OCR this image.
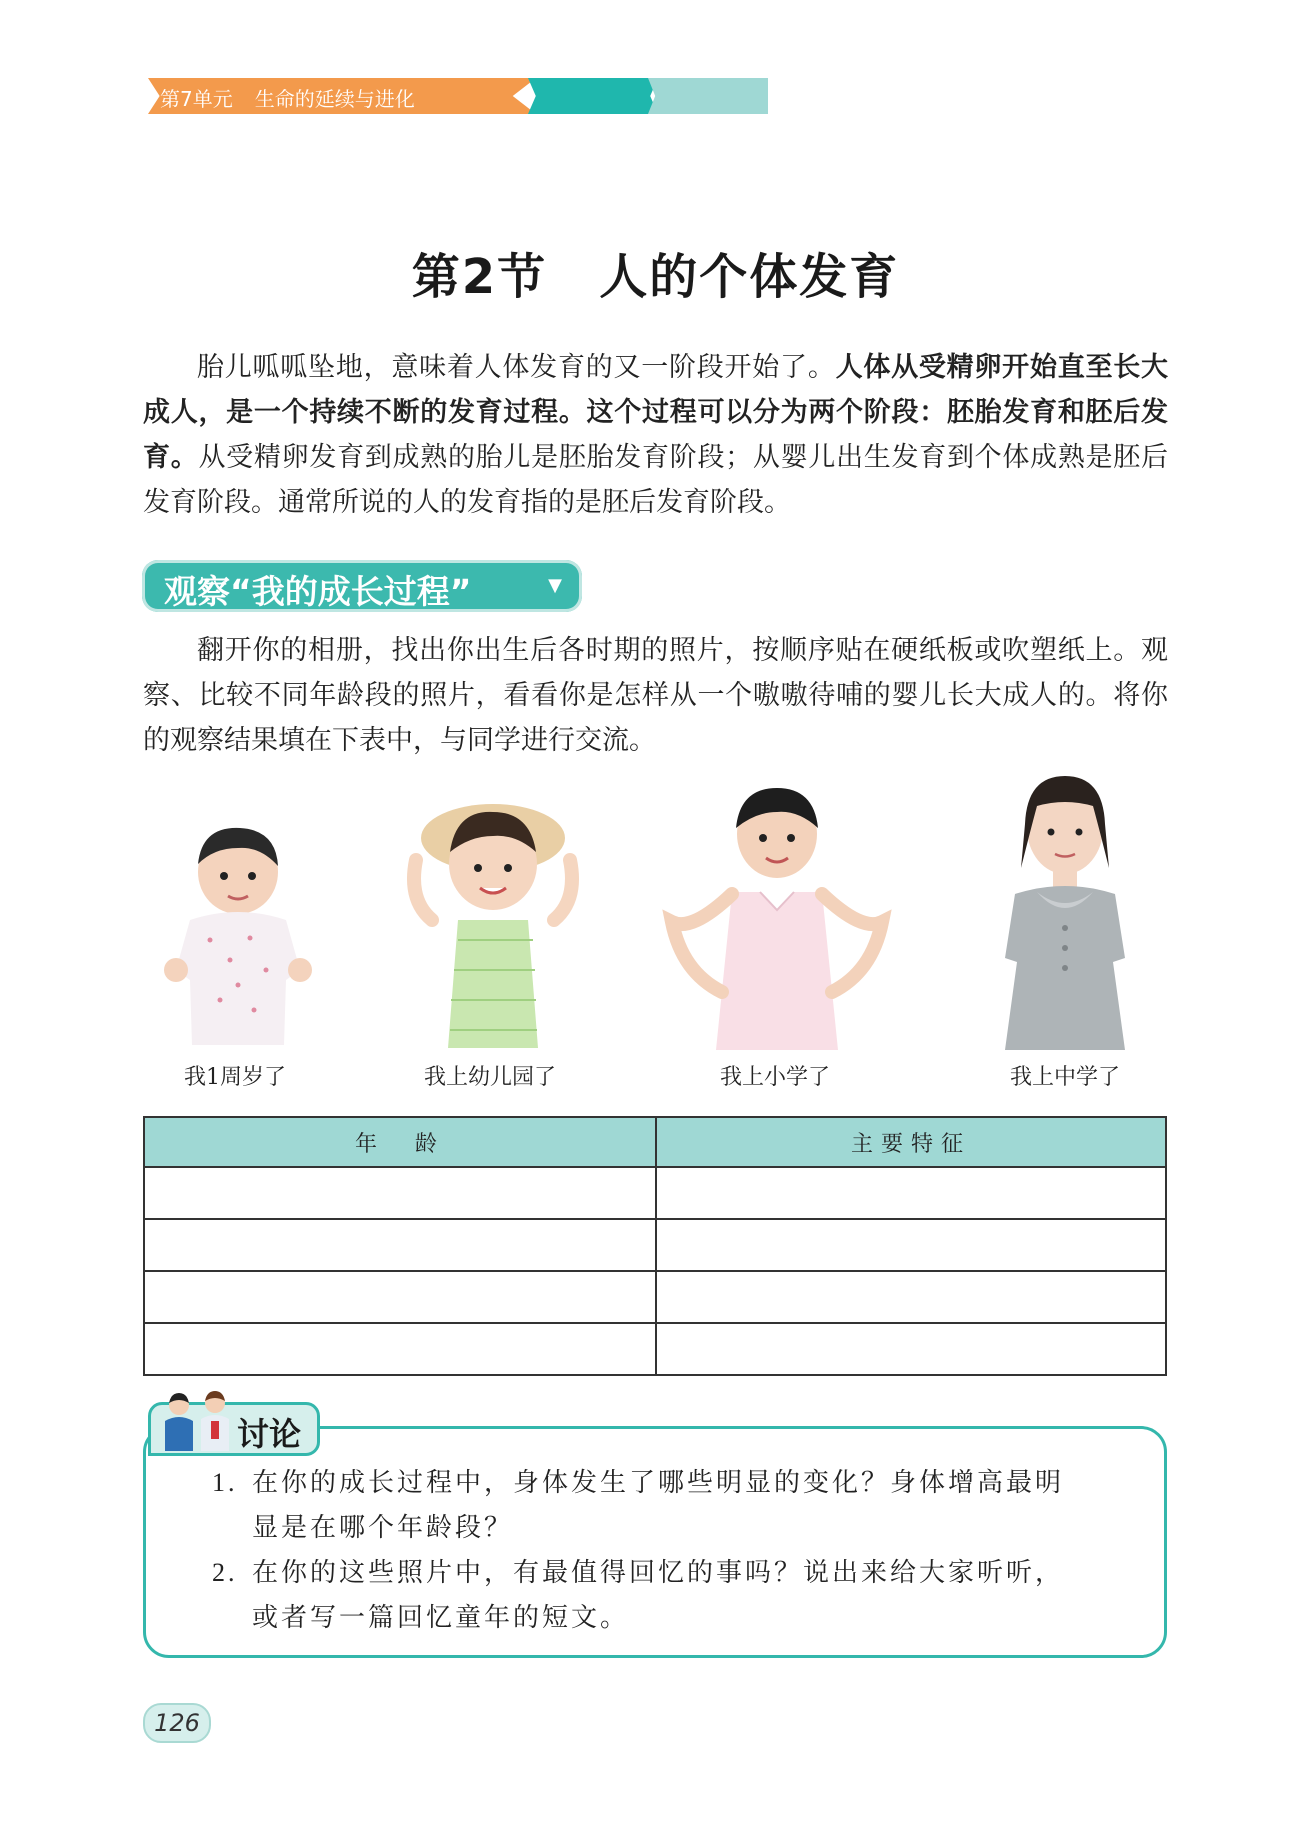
第7单元 生命的延续与进化
第2节 人的个体发育
胎儿呱呱坠地，意味着人体发育的又一阶段开始了。人体从受精卵开始直至长大成人，是一个持续不断的发育过程。这个过程可以分为两个阶段：胚胎发育和胚后发育。从受精卵发育到成熟的胎儿是胚胎发育阶段；从婴儿出生发育到个体成熟是胚后发育阶段。通常所说的人的发育指的是胚后发育阶段。
观察“我的成长过程”	▼
翻开你的相册，找出你出生后各时期的照片，按顺序贴在硬纸板或吹塑纸上。观察、比较不同年龄段的照片，看看你是怎样从一个嗷嗷待哺的婴儿长大成人的。将你的观察结果填在下表中，与同学进行交流。
我1周岁了	我上幼儿园了	我上小学了	我上中学了
年　龄	主要特征

讨论
1. 在你的成长过程中，身体发生了哪些明显的变化？身体增高最明
显是在哪个年龄段？
2. 在你的这些照片中，有最值得回忆的事吗？说出来给大家听听，
或者写一篇回忆童年的短文。
126
